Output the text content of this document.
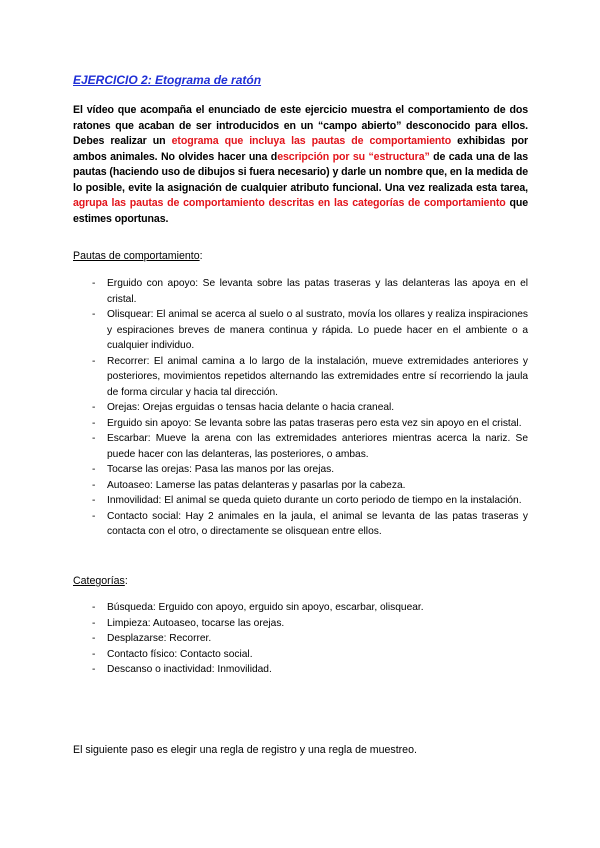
EJERCICIO 2: Etograma de ratón

El vídeo que acompaña el enunciado de este ejercicio muestra el comportamiento de dos ratones que acaban de ser introducidos en un “campo abierto” desconocido para ellos. Debes realizar un etograma que incluya las pautas de comportamiento exhibidas por ambos animales. No olvides hacer una descripción por su “estructura” de cada una de las pautas (haciendo uso de dibujos si fuera necesario) y darle un nombre que, en la medida de lo posible, evite la asignación de cualquier atributo funcional. Una vez realizada esta tarea, agrupa las pautas de comportamiento descritas en las categorías de comportamiento que estimes oportunas.

Pautas de comportamiento:
- Erguido con apoyo: Se levanta sobre las patas traseras y las delanteras las apoya en el cristal.
- Olisquear: El animal se acerca al suelo o al sustrato, movía los ollares y realiza inspiraciones y espiraciones breves de manera continua y rápida. Lo puede hacer en el ambiente o a cualquier individuo.
- Recorrer: El animal camina a lo largo de la instalación, mueve extremidades anteriores y posteriores, movimientos repetidos alternando las extremidades entre sí recorriendo la jaula de forma circular y hacia tal dirección.
- Orejas: Orejas erguidas o tensas hacia delante o hacia craneal.
- Erguido sin apoyo: Se levanta sobre las patas traseras pero esta vez sin apoyo en el cristal.
- Escarbar: Mueve la arena con las extremidades anteriores mientras acerca la nariz. Se puede hacer con las delanteras, las posteriores, o ambas.
- Tocarse las orejas: Pasa las manos por las orejas.
- Autoaseo: Lamerse las patas delanteras y pasarlas por la cabeza.
- Inmovilidad: El animal se queda quieto durante un corto periodo de tiempo en la instalación.
- Contacto social: Hay 2 animales en la jaula, el animal se levanta de las patas traseras y contacta con el otro, o directamente se olisquean entre ellos.
Categorías:
- Búsqueda: Erguido con apoyo, erguido sin apoyo, escarbar, olisquear.
- Limpieza: Autoaseo, tocarse las orejas.
- Desplazarse: Recorrer.
- Contacto físico: Contacto social.
- Descanso o inactividad: Inmovilidad.
El siguiente paso es elegir una regla de registro y una regla de muestreo.
